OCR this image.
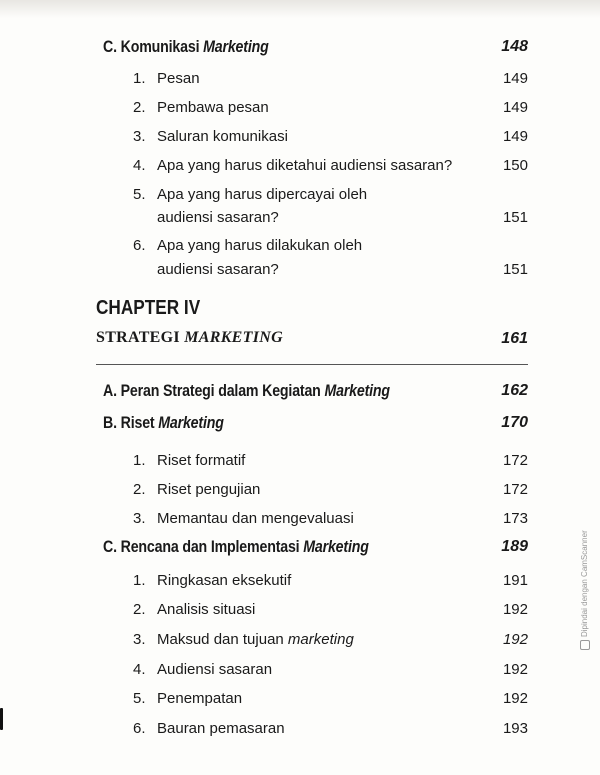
C. Komunikasi Marketing	148
1. Pesan	149
2. Pembawa pesan	149
3. Saluran komunikasi	149
4. Apa yang harus diketahui audiensi sasaran?	150
5. Apa yang harus dipercayai oleh
audiensi sasaran?	151
6. Apa yang harus dilakukan oleh
audiensi sasaran?	151
CHAPTER IV
STRATEGI MARKETING	161
A. Peran Strategi dalam Kegiatan Marketing	162
B. Riset Marketing	170
1. Riset formatif	172
2. Riset pengujian	172
3. Memantau dan mengevaluasi	173
C. Rencana dan Implementasi Marketing	189
1. Ringkasan eksekutif	191
2. Analisis situasi	192
3. Maksud dan tujuan marketing	192
4. Audiensi sasaran	192
5. Penempatan	192
6. Bauran pemasaran	193
Dipindai dengan CamScanner
